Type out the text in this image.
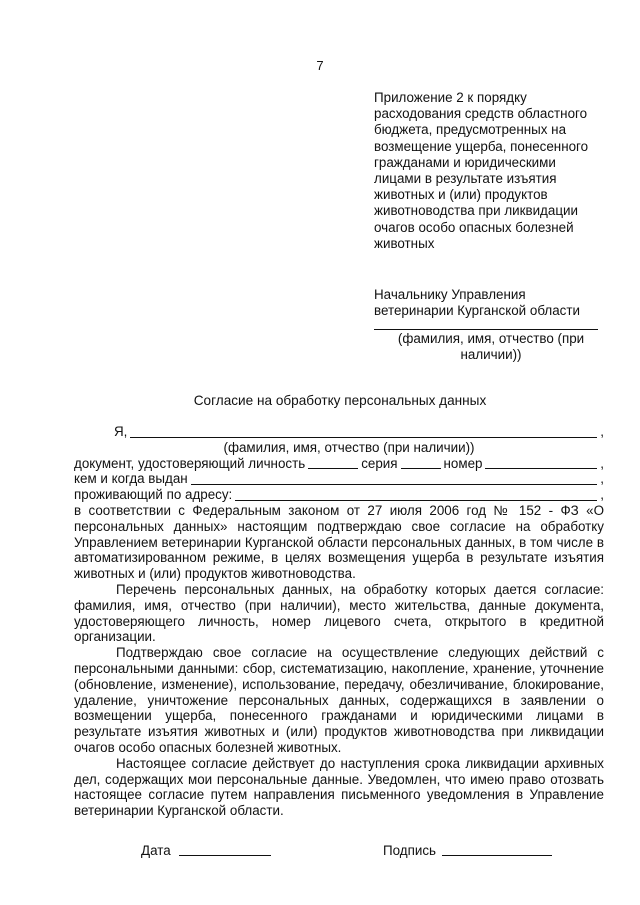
7
Приложение 2 к порядку
расходования средств областного
бюджета, предусмотренных на
возмещение ущерба, понесенного
гражданами и юридическими
лицами в результате изъятия
животных и (или) продуктов
животноводства при ликвидации
очагов особо опасных болезней
животных
Начальнику Управления
ветеринарии Курганской области
(фамилия, имя, отчество (при наличии))
Согласие на обработку персональных данных
Я,	,
(фамилия, имя, отчество (при наличии))
документ, удостоверяющий личность	серия	номер	,
кем и когда выдан	,
проживающий по адресу:	,

в соответствии с Федеральным законом от 27 июля 2006 год № 152 - ФЗ «О персональных данных» настоящим подтверждаю свое согласие на обработку Управлением ветеринарии Курганской области персональных данных, в том числе в автоматизированном режиме, в целях возмещения ущерба в результате изъятия животных и (или) продуктов животноводства.

Перечень персональных данных, на обработку которых дается согласие: фамилия, имя, отчество (при наличии), место жительства, данные документа, удостоверяющего личность, номер лицевого счета, открытого в кредитной организации.

Подтверждаю свое согласие на осуществление следующих действий с персональными данными: сбор, систематизацию, накопление, хранение, уточнение (обновление, изменение), использование, передачу, обезличивание, блокирование, удаление, уничтожение персональных данных, содержащихся в заявлении о возмещении ущерба, понесенного гражданами и юридическими лицами в результате изъятия животных и (или) продуктов животноводства при ликвидации очагов особо опасных болезней животных.

Настоящее согласие действует до наступления срока ликвидации архивных дел, содержащих мои персональные данные. Уведомлен, что имею право отозвать настоящее согласие путем направления письменного уведомления в Управление ветеринарии Курганской области.

Дата	Подпись
